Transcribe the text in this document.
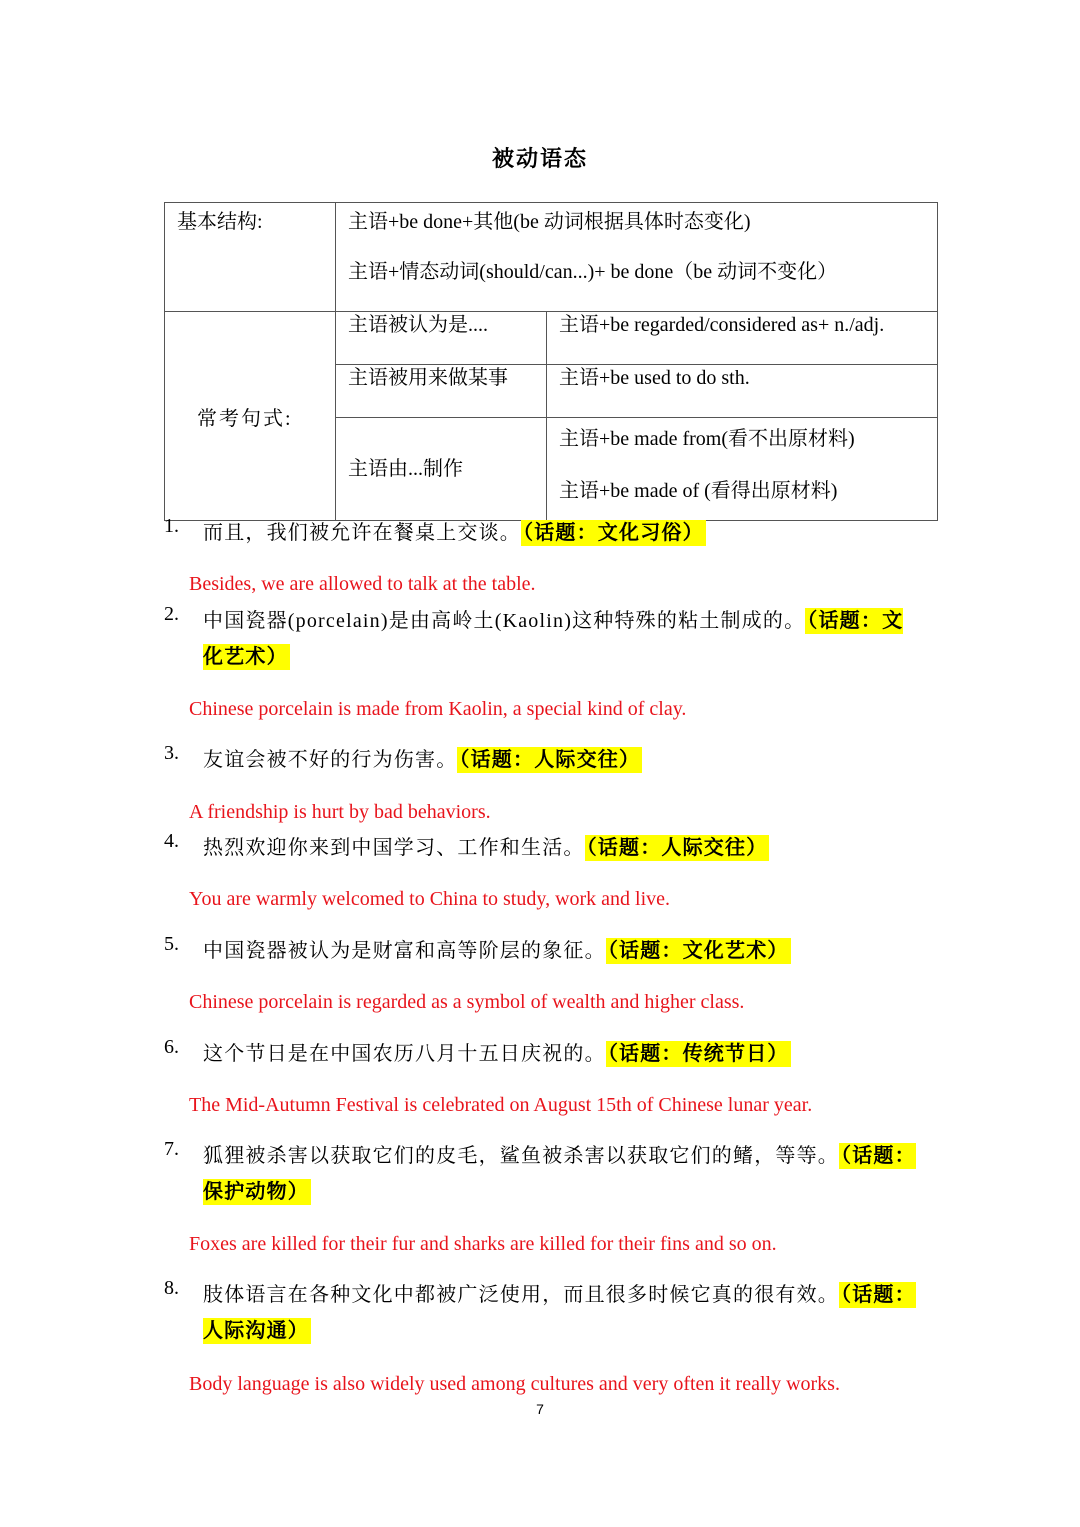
被动语态
基本结构:	主语+be done+其他(be 动词根据具体时态变化)
主语+情态动词(should/can...)+ be done（be 动词不变化）	

常考句式:	主语被认为是....	主语+be regarded/considered as+ n./adj.

	主语被用来做某事	主语+be used to do sth.

	主语由...制作	主语+be made from(看不出原材料)
主语+be made of (看得出原材料)
1.	而且，我们被允许在餐桌上交谈。 （话题：文化习俗）
Besides, we are allowed to talk at the table.
2.	中国瓷器(porcelain)是由高岭土(Kaolin)这种特殊的粘土制成的。 （话题：文化艺术）
Chinese porcelain is made from Kaolin, a special kind of clay.
3.	友谊会被不好的行为伤害。 （话题：人际交往）
A friendship is hurt by bad behaviors.
4.	热烈欢迎你来到中国学习、工作和生活。 （话题：人际交往）
You are warmly welcomed to China to study, work and live.
5.	中国瓷器被认为是财富和高等阶层的象征。 （话题：文化艺术）
Chinese porcelain is regarded as a symbol of wealth and higher class.
6.	这个节日是在中国农历八月十五日庆祝的。 （话题：传统节日）
The Mid-Autumn Festival is celebrated on August 15th of Chinese lunar year.
7.	狐狸被杀害以获取它们的皮毛，鲨鱼被杀害以获取它们的鳍，等等。 （话题：保护动物）
Foxes are killed for their fur and sharks are killed for their fins and so on.
8.	肢体语言在各种文化中都被广泛使用，而且很多时候它真的很有效。 （话题：人际沟通）
Body language is also widely used among cultures and very often it really works.
7
